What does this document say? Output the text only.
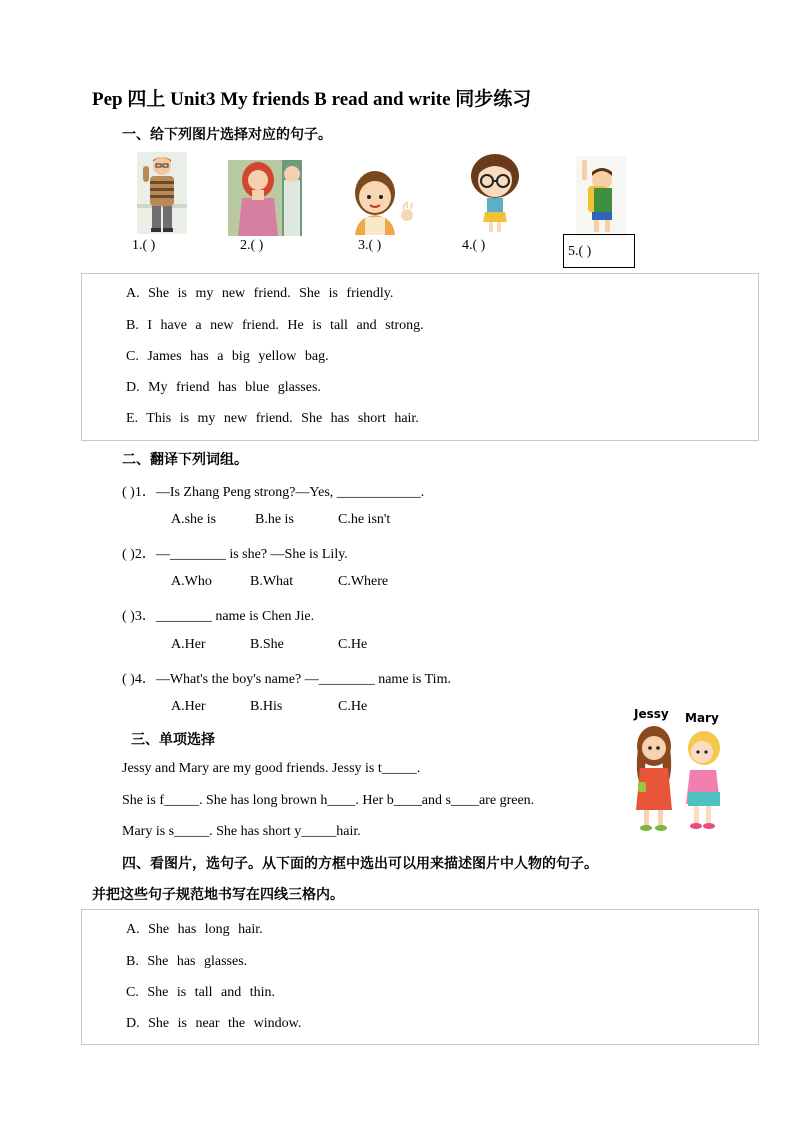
Pep 四上 Unit3 My friends B read and write 同步练习
一、给下列图片选择对应的句子。
1.( )	2.( )	3.( )	4.( )	5.( )
A. She is my new friend. She is friendly.
B. I have a new friend. He is tall and strong.
C. James has a big yellow bag.
D. My friend has blue glasses.
E. This is my new friend. She has short hair.
二、翻译下列词组。
( )1．—Is Zhang Peng strong?—Yes, ____________.
A.she is	B.he is	C.he isn't
( )2．—________ is she? —She is Lily.
A.Who	B.What	C.Where
( )3．________ name is Chen Jie.
A.Her	B.She	C.He
( )4．—What's the boy's name? —________ name is Tim.
A.Her	B.His	C.He
三、单项选择
Jessy and Mary are my good friends. Jessy is t_____.
She is f_____. She has long brown h____. Her b____and s____are green.
Mary is s_____. She has short y_____hair.
Jessy Mary
四、看图片，选句子。从下面的方框中选出可以用来描述图片中人物的句子。
并把这些句子规范地书写在四线三格内。
A. She has long hair.
B. She has glasses.
C. She is tall and thin.
D. She is near the window.
